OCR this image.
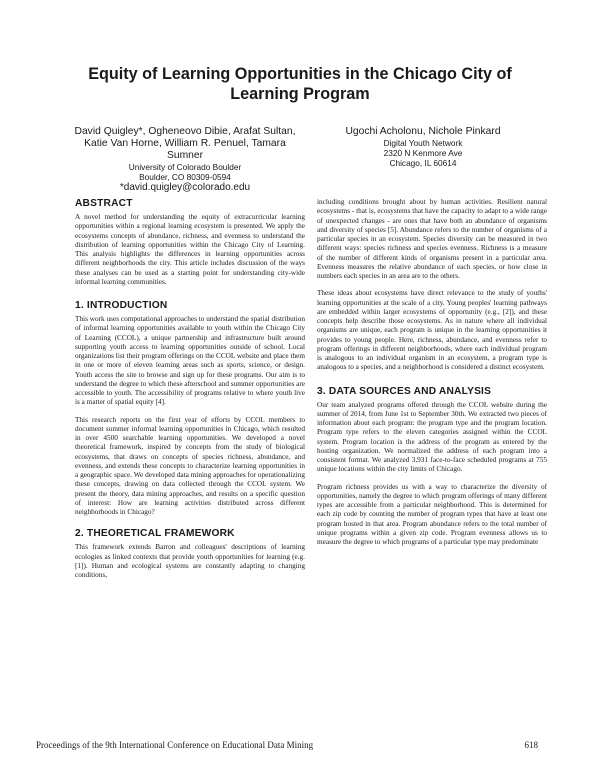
Equity of Learning Opportunities in the Chicago City of Learning Program
David Quigley*, Ogheneovo Dibie, Arafat Sultan, Katie Van Horne, William R. Penuel, Tamara Sumner
University of Colorado Boulder
Boulder, CO 80309-0594
*david.quigley@colorado.edu
Ugochi Acholonu, Nichole Pinkard
Digital Youth Network
2320 N Kenmore Ave
Chicago, IL 60614
ABSTRACT

A novel method for understanding the equity of extracurricular learning opportunities within a regional learning ecosystem is presented. We apply the ecosystems concepts of abundance, richness, and evenness to understand the distribution of learning opportunities within the Chicago City of Learning. This analysis highlights the differences in learning opportunities across different neighborhoods the city. This article includes discussion of the ways these analyses can be used as a starting point for understanding city-wide informal learning communities.

1. INTRODUCTION

This work uses computational approaches to understand the spatial distribution of informal learning opportunities available to youth within the Chicago City of Learning (CCOL), a unique partnership and infrastructure built around supporting youth access to learning opportunities outside of school. Local organizations list their program offerings on the CCOL website and place them in one or more of eleven learning areas such as sports, science, or design. Youth access the site to browse and sign up for these programs. Our aim is to understand the degree to which these afterschool and summer opportunities are accessible to youth. The accessibility of programs relative to where youth live is a matter of spatial equity [4].

This research reports on the first year of efforts by CCOL members to document summer informal learning opportunities in Chicago, which resulted in over 4500 searchable learning opportunities. We developed a novel theoretical framework, inspired by concepts from the study of biological ecosystems, that draws on concepts of species richness, abundance, and evenness, and extends these concepts to characterize learning opportunities in a geographic space. We developed data mining approaches for operationalizing these concepts, drawing on data collected through the CCOL system. We present the theory, data mining approaches, and results on a specific question of interest: How are learning activities distributed across different neighborhoods in Chicago?

2. THEORETICAL FRAMEWORK

This framework extends Barron and colleagues' descriptions of learning ecologies as linked contexts that provide youth opportunities for learning (e.g. [1]). Human and ecological systems are constantly adapting to changing conditions,

including conditions brought about by human activities. Resilient natural ecosystems - that is, ecosystems that have the capacity to adapt to a wide range of unexpected changes - are ones that have both an abundance of organisms and diversity of species [5]. Abundance refers to the number of organisms of a particular species in an ecosystem. Species diversity can be measured in two different ways: species richness and species evenness. Richness is a measure of the number of different kinds of organisms present in a particular area. Evenness measures the relative abundance of each species, or how close in numbers each species in an area are to the others.

These ideas about ecosystems have direct relevance to the study of youths' learning opportunities at the scale of a city. Young peoples' learning pathways are embedded within larger ecosystems of opportunity (e.g., [2]), and these concepts help describe those ecosystems. As in nature where all individual organisms are unique, each program is unique in the learning opportunities it provides to young people. Here, richness, abundance, and evenness refer to program offerings in different neighborhoods, where each individual program is analogous to an individual organism in an ecosystem, a program type is analogous to a species, and a neighborhood is considered a distinct ecosystem.

3. DATA SOURCES AND ANALYSIS

Our team analyzed programs offered through the CCOL website during the summer of 2014, from June 1st to September 30th. We extracted two pieces of information about each program: the program type and the program location. Program type refers to the eleven categories assigned within the CCOL system. Program location is the address of the program as entered by the hosting organization. We normalized the address of each program into a consistent format. We analyzed 3,931 face-to-face scheduled programs at 755 unique locations within the city limits of Chicago.

Program richness provides us with a way to characterize the diversity of opportunities, namely the degree to which program offerings of many different types are accessible from a particular neighborhood. This is determined for each zip code by counting the number of program types that have at least one program hosted in that area. Program abundance refers to the total number of unique programs within a given zip code. Program evenness allows us to measure the degree to which programs of a particular type may predominate

Proceedings of the 9th International Conference on Educational Data Mining	618
